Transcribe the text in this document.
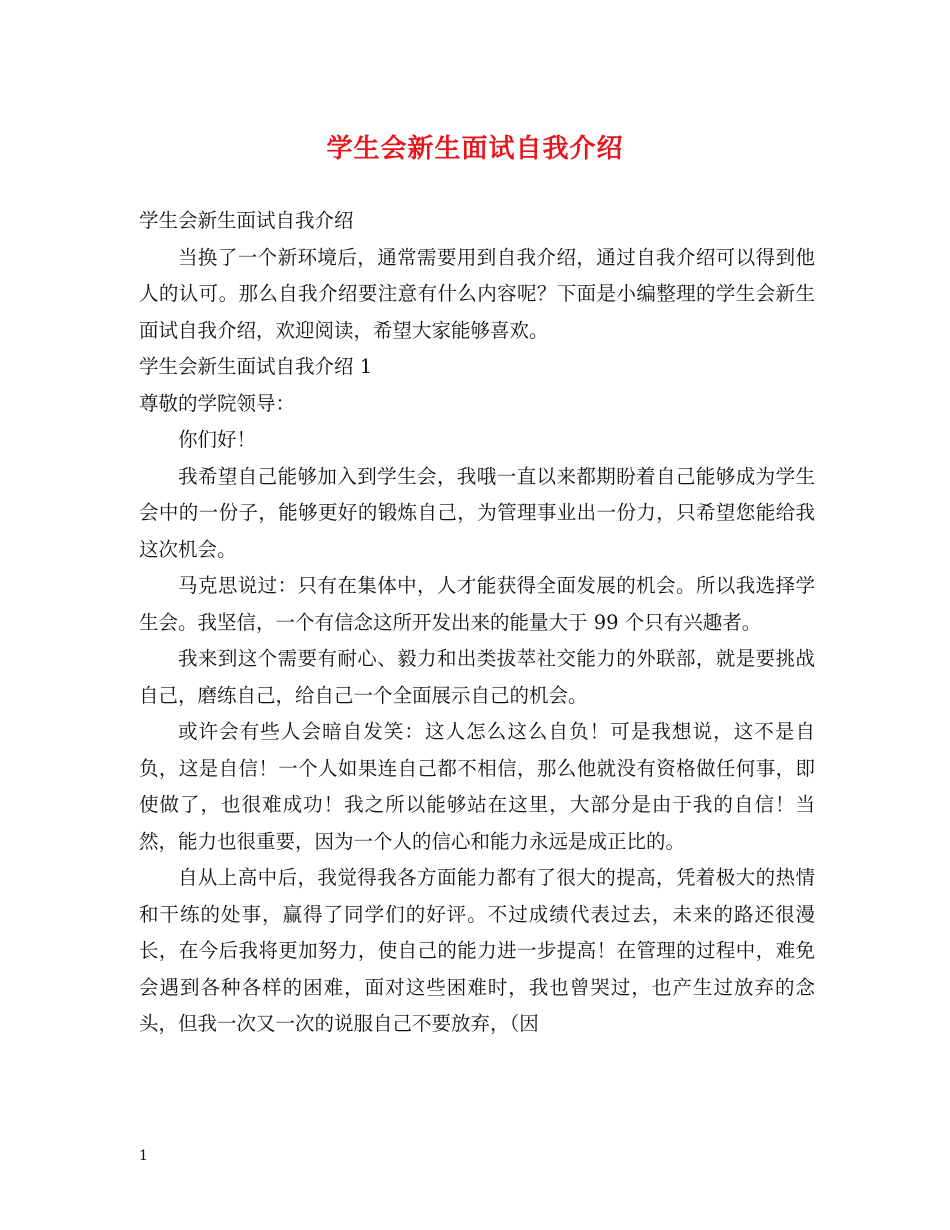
学生会新生面试自我介绍

学生会新生面试自我介绍

当换了一个新环境后，通常需要用到自我介绍，通过自我介绍可以得到他人的认可。那么自我介绍要注意有什么内容呢？下面是小编整理的学生会新生面试自我介绍，欢迎阅读，希望大家能够喜欢。

学生会新生面试自我介绍 1

尊敬的学院领导：

你们好！

我希望自己能够加入到学生会，我哦一直以来都期盼着自己能够成为学生会中的一份子，能够更好的锻炼自己，为管理事业出一份力，只希望您能给我这次机会。

马克思说过：只有在集体中，人才能获得全面发展的机会。所以我选择学生会。我坚信，一个有信念这所开发出来的能量大于 99 个只有兴趣者。

我来到这个需要有耐心、毅力和出类拔萃社交能力的外联部，就是要挑战自己，磨练自己，给自己一个全面展示自己的机会。

或许会有些人会暗自发笑：这人怎么这么自负！可是我想说，这不是自负，这是自信！一个人如果连自己都不相信，那么他就没有资格做任何事，即使做了，也很难成功！我之所以能够站在这里，大部分是由于我的自信！当然，能力也很重要，因为一个人的信心和能力永远是成正比的。

自从上高中后，我觉得我各方面能力都有了很大的提高，凭着极大的热情和干练的处事，赢得了同学们的好评。不过成绩代表过去，未来的路还很漫长，在今后我将更加努力，使自己的能力进一步提高！在管理的过程中，难免会遇到各种各样的困难，面对这些困难时，我也曾哭过，也产生过放弃的念头，但我一次又一次的说服自己不要放弃，（因

1
